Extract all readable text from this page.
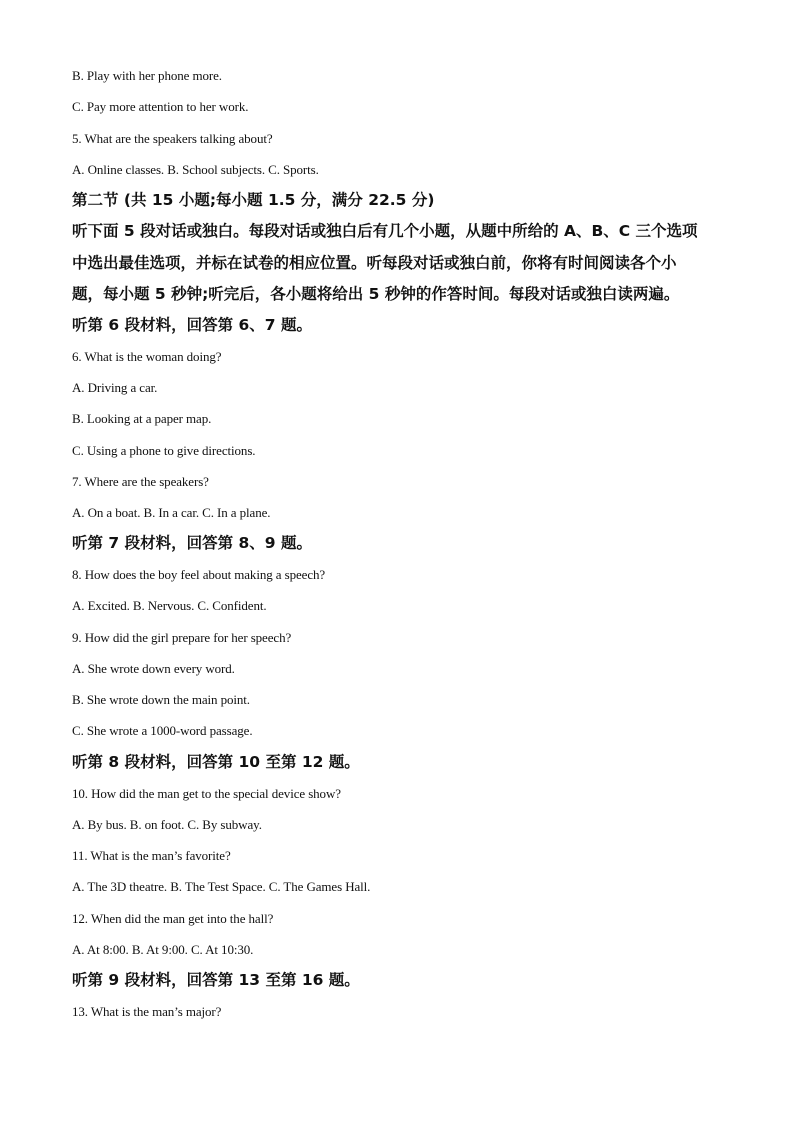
B. Play with her phone more.
C. Pay more attention to her work.
5. What are the speakers talking about?
A. Online classes. B. School subjects. C. Sports.
第二节 (共 15 小题;每小题 1.5 分，满分 22.5 分)
听下面 5 段对话或独白。每段对话或独白后有几个小题，从题中所给的 A、B、C 三个选项
中选出最佳选项，并标在试卷的相应位置。听每段对话或独白前，你将有时间阅读各个小
题，每小题 5 秒钟;听完后，各小题将给出 5 秒钟的作答时间。每段对话或独白读两遍。
听第 6 段材料，回答第 6、7 题。
6. What is the woman doing?
A. Driving a car.
B. Looking at a paper map.
C. Using a phone to give directions.
7. Where are the speakers?
A. On a boat. B. In a car. C. In a plane.
听第 7 段材料，回答第 8、9 题。
8. How does the boy feel about making a speech?
A. Excited. B. Nervous. C. Confident.
9. How did the girl prepare for her speech?
A. She wrote down every word.
B. She wrote down the main point.
C. She wrote a 1000-word passage.
听第 8 段材料，回答第 10 至第 12 题。
10. How did the man get to the special device show?
A. By bus. B. on foot. C. By subway.
11. What is the man’s favorite?
A. The 3D theatre. B. The Test Space. C. The Games Hall.
12. When did the man get into the hall?
A. At 8:00. B. At 9:00. C. At 10:30.
听第 9 段材料，回答第 13 至第 16 题。
13. What is the man’s major?
